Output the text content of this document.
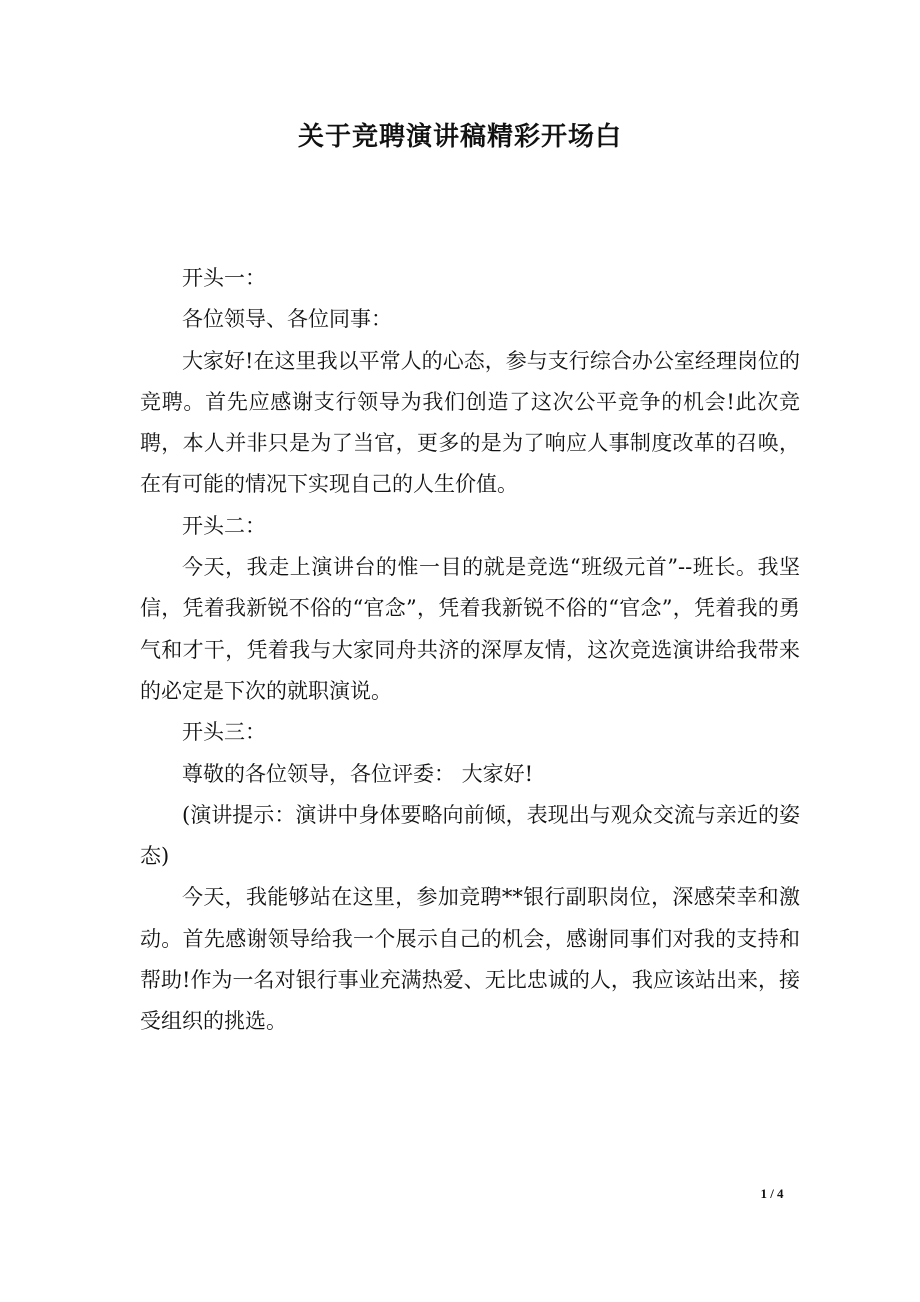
关于竞聘演讲稿精彩开场白

开头一：

各位领导、各位同事：

大家好!在这里我以平常人的心态，参与支行综合办公室经理岗位的竞聘。首先应感谢支行领导为我们创造了这次公平竞争的机会!此次竞聘，本人并非只是为了当官，更多的是为了响应人事制度改革的召唤，在有可能的情况下实现自己的人生价值。

开头二：

今天，我走上演讲台的惟一目的就是竞选“班级元首”--班长。我坚信，凭着我新锐不俗的“官念”，凭着我新锐不俗的“官念”，凭着我的勇气和才干，凭着我与大家同舟共济的深厚友情，这次竞选演讲给我带来的必定是下次的就职演说。

开头三：

尊敬的各位领导，各位评委： 大家好!

(演讲提示：演讲中身体要略向前倾，表现出与观众交流与亲近的姿态)

今天，我能够站在这里，参加竞聘**银行副职岗位，深感荣幸和激动。首先感谢领导给我一个展示自己的机会，感谢同事们对我的支持和帮助!作为一名对银行事业充满热爱、无比忠诚的人，我应该站出来，接受组织的挑选。

1 / 4
